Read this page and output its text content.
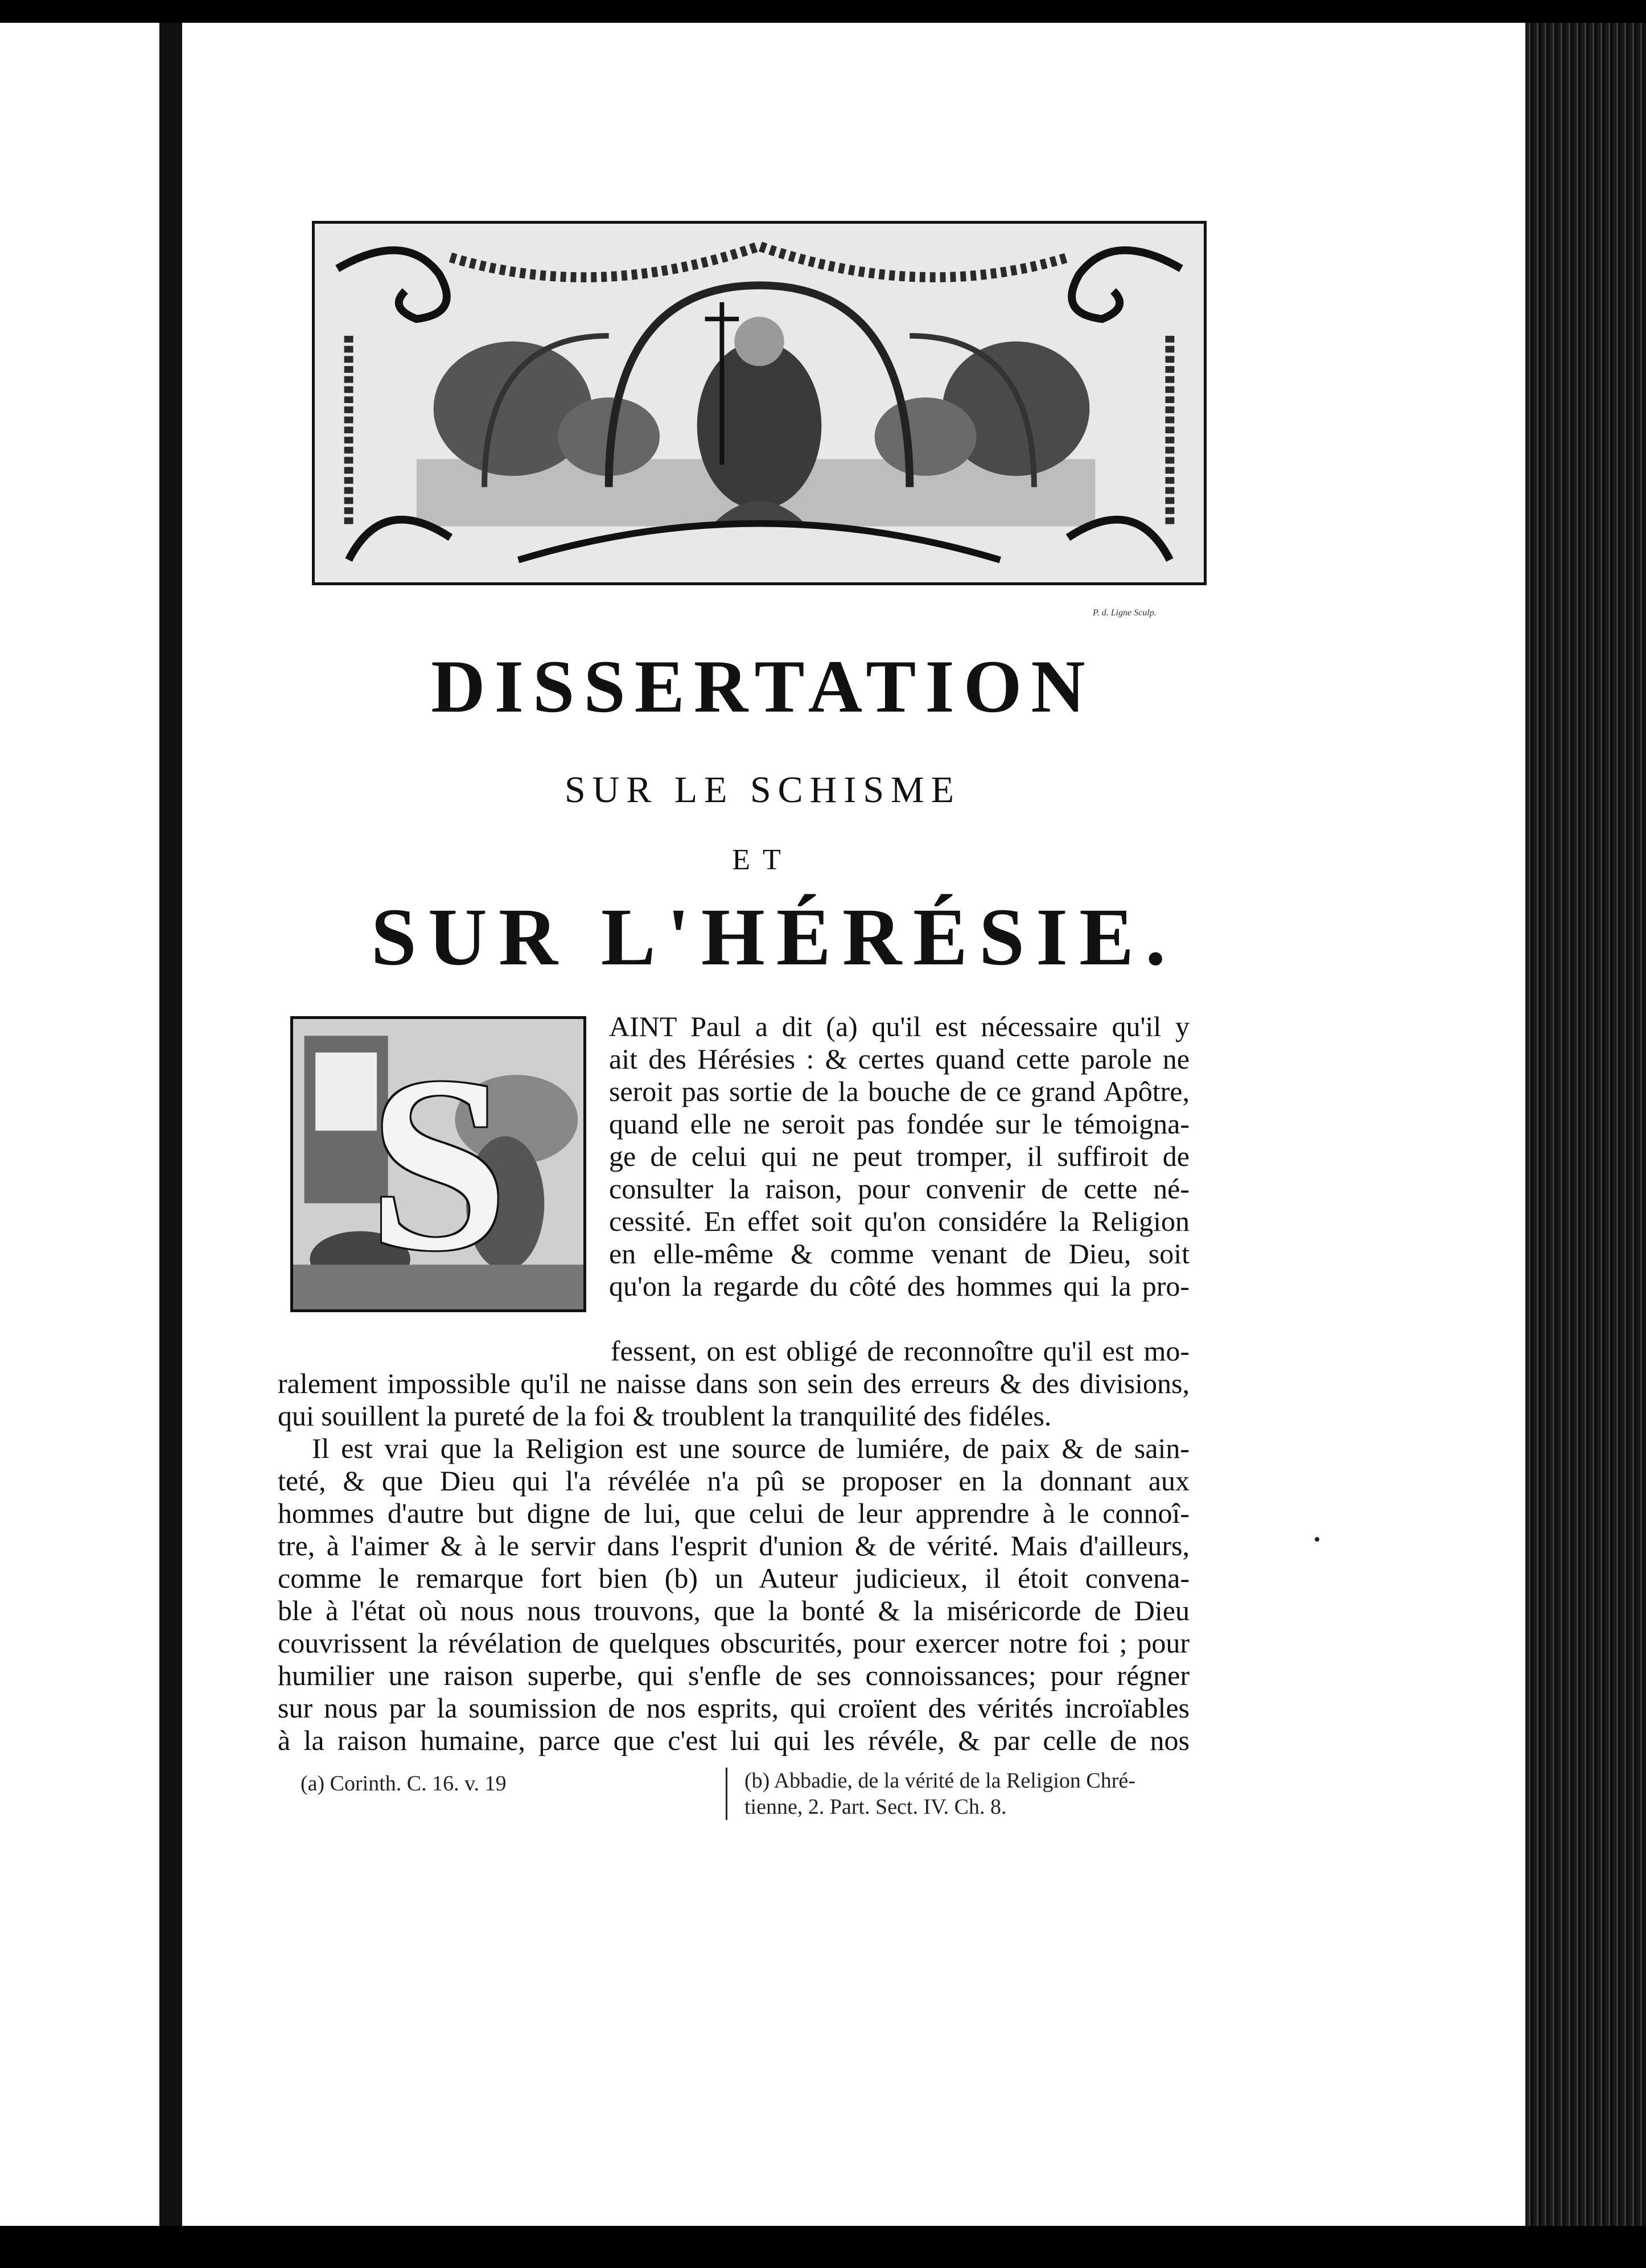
P. d. Ligne Sculp.
DISSERTATION
SUR LE SCHISME
ET
SUR L'HÉRÉSIE.
S	AINT Paul a dit (a) qu'il est nécessaire qu'il y
ait des Hérésies : & certes quand cette parole ne
seroit pas sortie de la bouche de ce grand Apôtre,
quand elle ne seroit pas fondée sur le témoigna-
ge de celui qui ne peut tromper, il suffiroit de
consulter la raison, pour convenir de cette né-
cessité. En effet soit qu'on considére la Religion
en elle-même & comme venant de Dieu, soit
qu'on la regarde du côté des hommes qui la pro-
fessent, on est obligé de reconnoître qu'il est mo-
ralement impossible qu'il ne naisse dans son sein des erreurs & des divisions,
qui souillent la pureté de la foi & troublent la tranquilité des fidéles.
Il est vrai que la Religion est une source de lumiére, de paix & de sain-
teté, & que Dieu qui l'a révélée n'a pû se proposer en la donnant aux
hommes d'autre but digne de lui, que celui de leur apprendre à le connoî-
tre, à l'aimer & à le servir dans l'esprit d'union & de vérité. Mais d'ailleurs,
comme le remarque fort bien (b) un Auteur judicieux, il étoit convena-
ble à l'état où nous nous trouvons, que la bonté & la miséricorde de Dieu
couvrissent la révélation de quelques obscurités, pour exercer notre foi ; pour
humilier une raison superbe, qui s'enfle de ses connoissances; pour régner
sur nous par la soumission de nos esprits, qui croïent des vérités incroïables
à la raison humaine, parce que c'est lui qui les révéle, & par celle de nos
(a) Corinth. C. 16. v. 19	(b) Abbadie, de la vérité de la Religion Chré-
tienne, 2. Part. Sect. IV. Ch. 8.
